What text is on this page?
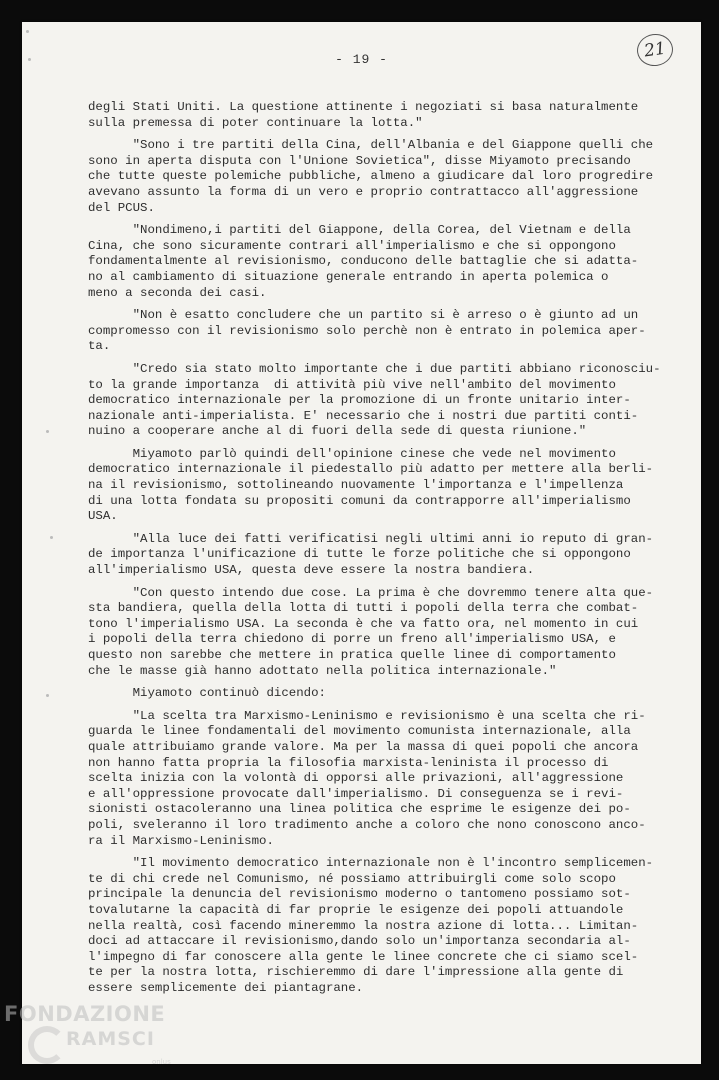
- 19 -	21

degli Stati Uniti. La questione attinente i negoziati si basa naturalmente
sulla premessa di poter continuare la lotta."

"Sono i tre partiti della Cina, dell'Albania e del Giappone quelli che
sono in aperta disputa con l'Unione Sovietica", disse Miyamoto precisando
che tutte queste polemiche pubbliche, almeno a giudicare dal loro progredire
avevano assunto la forma di un vero e proprio contrattacco all'aggressione
del PCUS.

"Nondimeno,i partiti del Giappone, della Corea, del Vietnam e della
Cina, che sono sicuramente contrari all'imperialismo e che si oppongono
fondamentalmente al revisionismo, conducono delle battaglie che si adatta-
no al cambiamento di situazione generale entrando in aperta polemica o
meno a seconda dei casi.

"Non è esatto concludere che un partito si è arreso o è giunto ad un
compromesso con il revisionismo solo perchè non è entrato in polemica aper-
ta.

"Credo sia stato molto importante che i due partiti abbiano riconosciu-
to la grande importanza  di attività più vive nell'ambito del movimento
democratico internazionale per la promozione di un fronte unitario inter-
nazionale anti-imperialista. E' necessario che i nostri due partiti conti-
nuino a cooperare anche al di fuori della sede di questa riunione."

Miyamoto parlò quindi dell'opinione cinese che vede nel movimento
democratico internazionale il piedestallo più adatto per mettere alla berli-
na il revisionismo, sottolineando nuovamente l'importanza e l'impellenza
di una lotta fondata su propositi comuni da contrapporre all'imperialismo
USA.

"Alla luce dei fatti verificatisi negli ultimi anni io reputo di gran-
de importanza l'unificazione di tutte le forze politiche che si oppongono
all'imperialismo USA, questa deve essere la nostra bandiera.

"Con questo intendo due cose. La prima è che dovremmo tenere alta que-
sta bandiera, quella della lotta di tutti i popoli della terra che combat-
tono l'imperialismo USA. La seconda è che va fatto ora, nel momento in cui
i popoli della terra chiedono di porre un freno all'imperialismo USA, e
questo non sarebbe che mettere in pratica quelle linee di comportamento
che le masse già hanno adottato nella politica internazionale."

Miyamoto continuò dicendo:

"La scelta tra Marxismo-Leninismo e revisionismo è una scelta che ri-
guarda le linee fondamentali del movimento comunista internazionale, alla
quale attribuiamo grande valore. Ma per la massa di quei popoli che ancora
non hanno fatta propria la filosofia marxista-leninista il processo di
scelta inizia con la volontà di opporsi alle privazioni, all'aggressione
e all'oppressione provocate dall'imperialismo. Di conseguenza se i revi-
sionisti ostacoleranno una linea politica che esprime le esigenze dei po-
poli, sveleranno il loro tradimento anche a coloro che nono conoscono anco-
ra il Marxismo-Leninismo.

"Il movimento democratico internazionale non è l'incontro semplicemen-
te di chi crede nel Comunismo, né possiamo attribuirgli come solo scopo
principale la denuncia del revisionismo moderno o tantomeno possiamo sot-
tovalutarne la capacità di far proprie le esigenze dei popoli attuandole
nella realtà, così facendo mineremmo la nostra azione di lotta... Limitan-
doci ad attaccare il revisionismo,dando solo un'importanza secondaria al-
l'impegno di far conoscere alla gente le linee concrete che ci siamo scel-
te per la nostra lotta, rischieremmo di dare l'impressione alla gente di
essere semplicemente dei piantagrane.

FONDAZIONE
RAMSCI
onlus
